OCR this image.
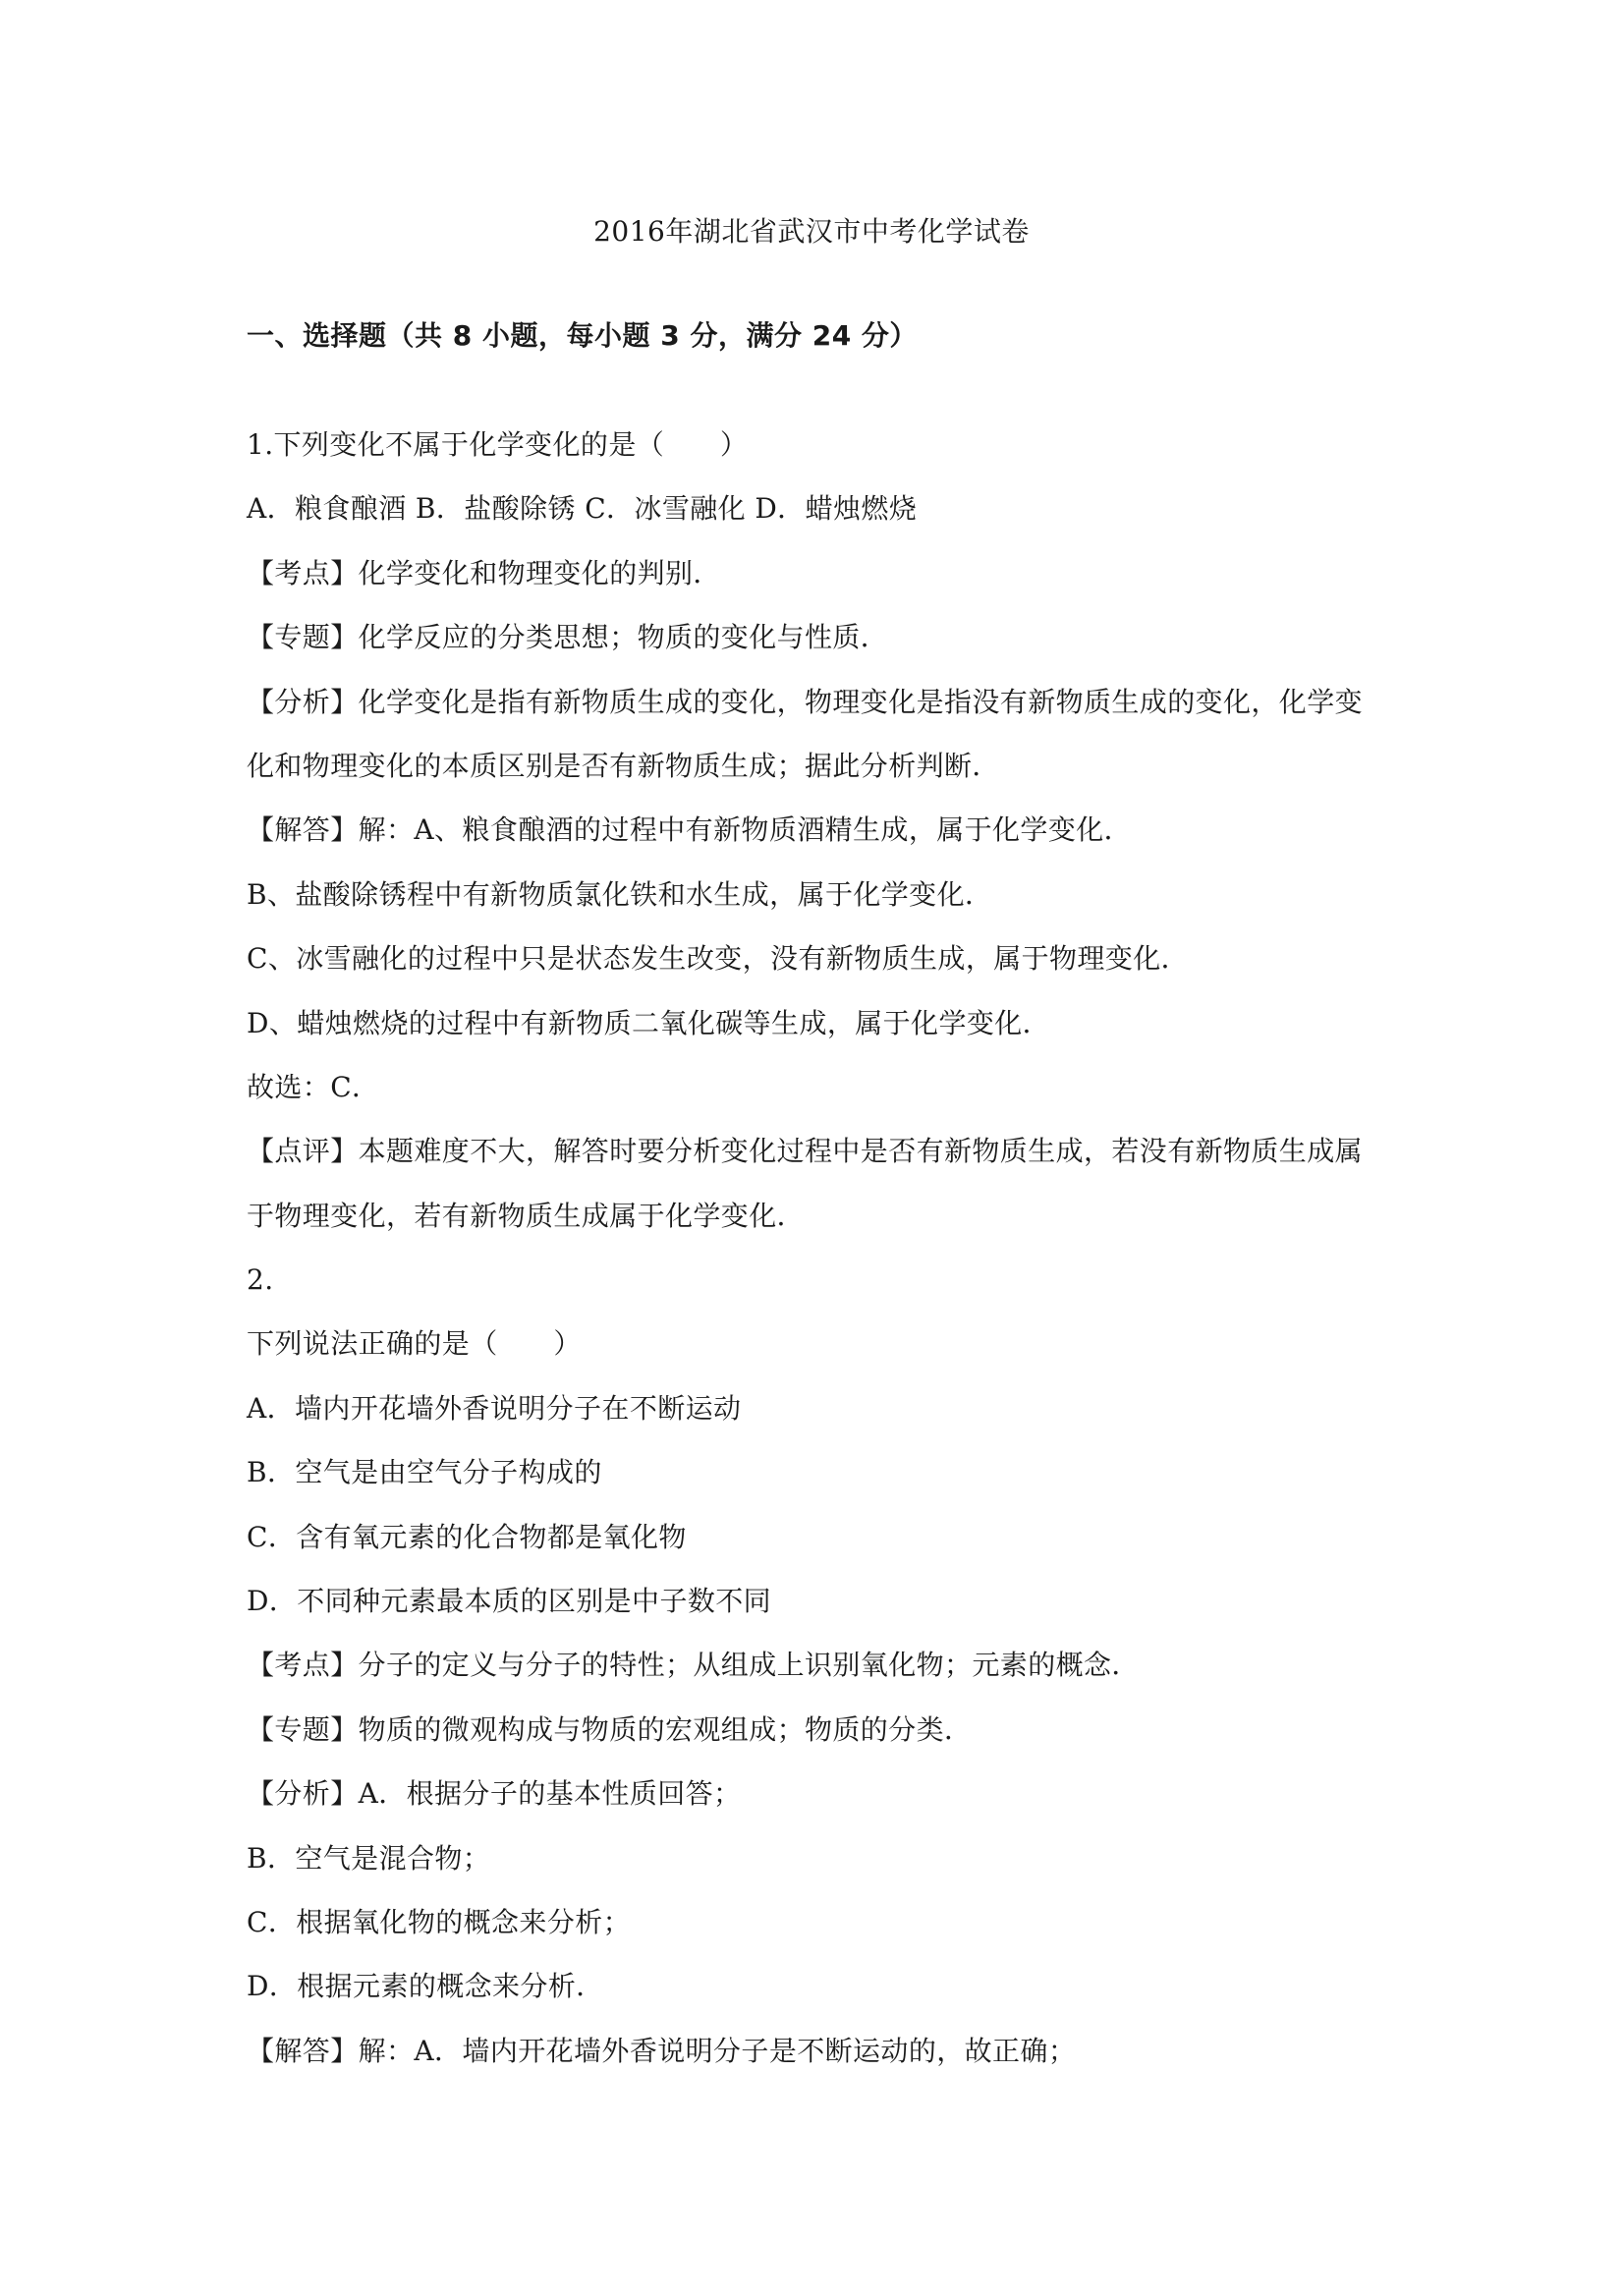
2016年湖北省武汉市中考化学试卷
一、选择题（共 8 小题，每小题 3 分，满分 24 分）
1.下列变化不属于化学变化的是（　　）
A．粮食酿酒 B．盐酸除锈 C．冰雪融化 D．蜡烛燃烧
【考点】化学变化和物理变化的判别．
【专题】化学反应的分类思想；物质的变化与性质．
【分析】化学变化是指有新物质生成的变化，物理变化是指没有新物质生成的变化，化学变
化和物理变化的本质区别是否有新物质生成；据此分析判断．
【解答】解：A、粮食酿酒的过程中有新物质酒精生成，属于化学变化．
B、盐酸除锈程中有新物质氯化铁和水生成，属于化学变化．
C、冰雪融化的过程中只是状态发生改变，没有新物质生成，属于物理变化．
D、蜡烛燃烧的过程中有新物质二氧化碳等生成，属于化学变化．
故选：C．
【点评】本题难度不大，解答时要分析变化过程中是否有新物质生成，若没有新物质生成属
于物理变化，若有新物质生成属于化学变化．
2.
下列说法正确的是（　　）
A．墙内开花墙外香说明分子在不断运动
B．空气是由空气分子构成的
C．含有氧元素的化合物都是氧化物
D．不同种元素最本质的区别是中子数不同
【考点】分子的定义与分子的特性；从组成上识别氧化物；元素的概念．
【专题】物质的微观构成与物质的宏观组成；物质的分类．
【分析】A．根据分子的基本性质回答；
B．空气是混合物；
C．根据氧化物的概念来分析；
D．根据元素的概念来分析．
【解答】解：A．墙内开花墙外香说明分子是不断运动的，故正确；
